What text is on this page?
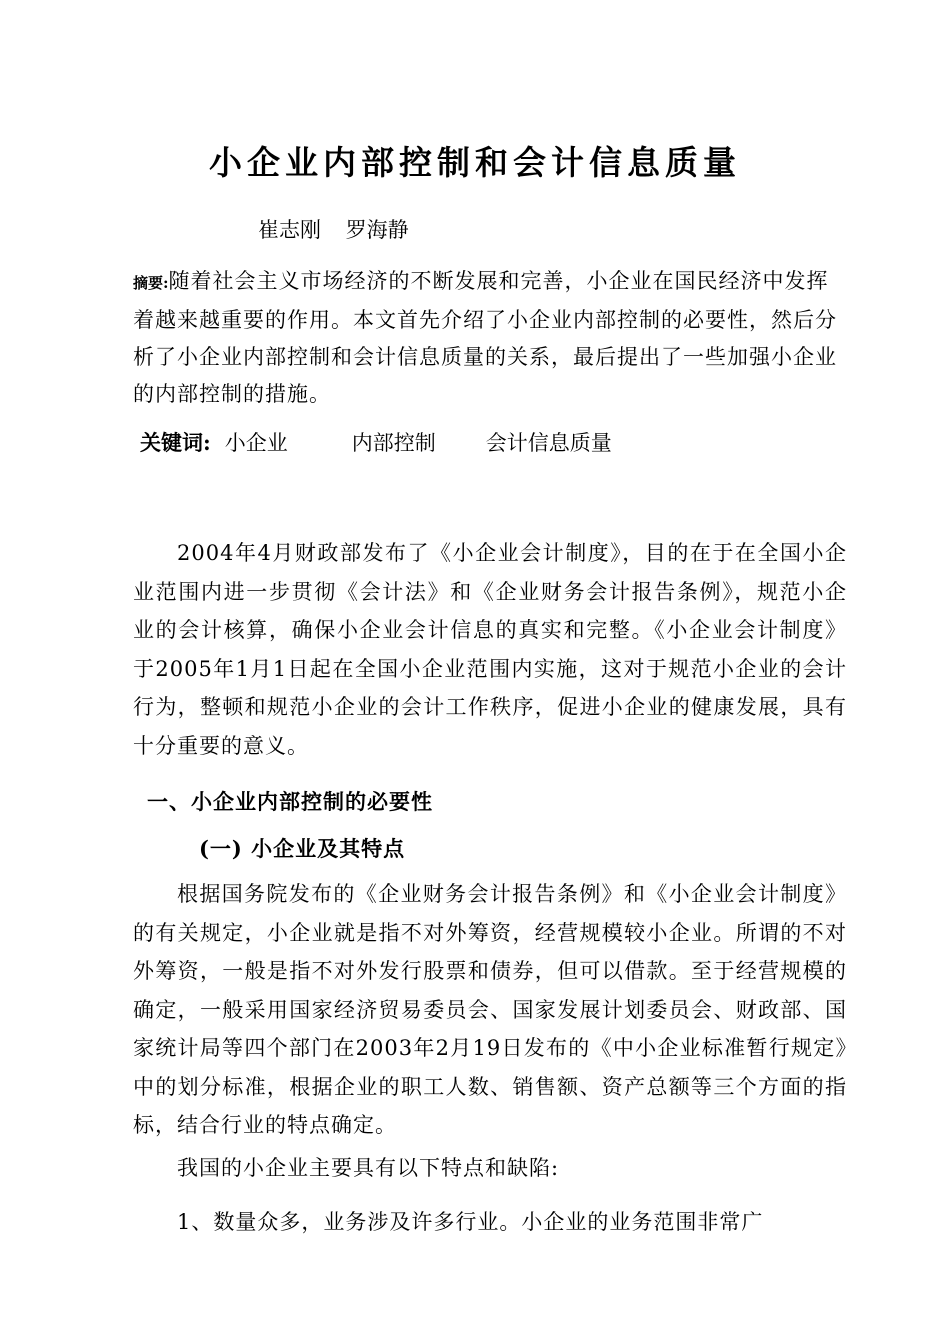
小企业内部控制和会计信息质量
崔志刚 罗海静
摘要:随着社会主义市场经济的不断发展和完善，小企业在国民经济中发挥着越来越重要的作用。本文首先介绍了小企业内部控制的必要性，然后分析了小企业内部控制和会计信息质量的关系，最后提出了一些加强小企业的内部控制的措施。
关键词: 小企业	内部控制 会计信息质量
2004年4月财政部发布了《小企业会计制度》，目的在于在全国小企业范围内进一步贯彻《会计法》和《企业财务会计报告条例》，规范小企业的会计核算，确保小企业会计信息的真实和完整。《小企业会计制度》于2005年1月1日起在全国小企业范围内实施，这对于规范小企业的会计行为，整顿和规范小企业的会计工作秩序，促进小企业的健康发展，具有十分重要的意义。
一、小企业内部控制的必要性
(一) 小企业及其特点
根据国务院发布的《企业财务会计报告条例》和《小企业会计制度》的有关规定，小企业就是指不对外筹资，经营规模较小企业。所谓的不对外筹资，一般是指不对外发行股票和债券，但可以借款。至于经营规模的确定，一般采用国家经济贸易委员会、国家发展计划委员会、财政部、国家统计局等四个部门在2003年2月19日发布的《中小企业标准暂行规定》中的划分标准，根据企业的职工人数、销售额、资产总额等三个方面的指标，结合行业的特点确定。
我国的小企业主要具有以下特点和缺陷:
1、数量众多，业务涉及许多行业。小企业的业务范围非常广
